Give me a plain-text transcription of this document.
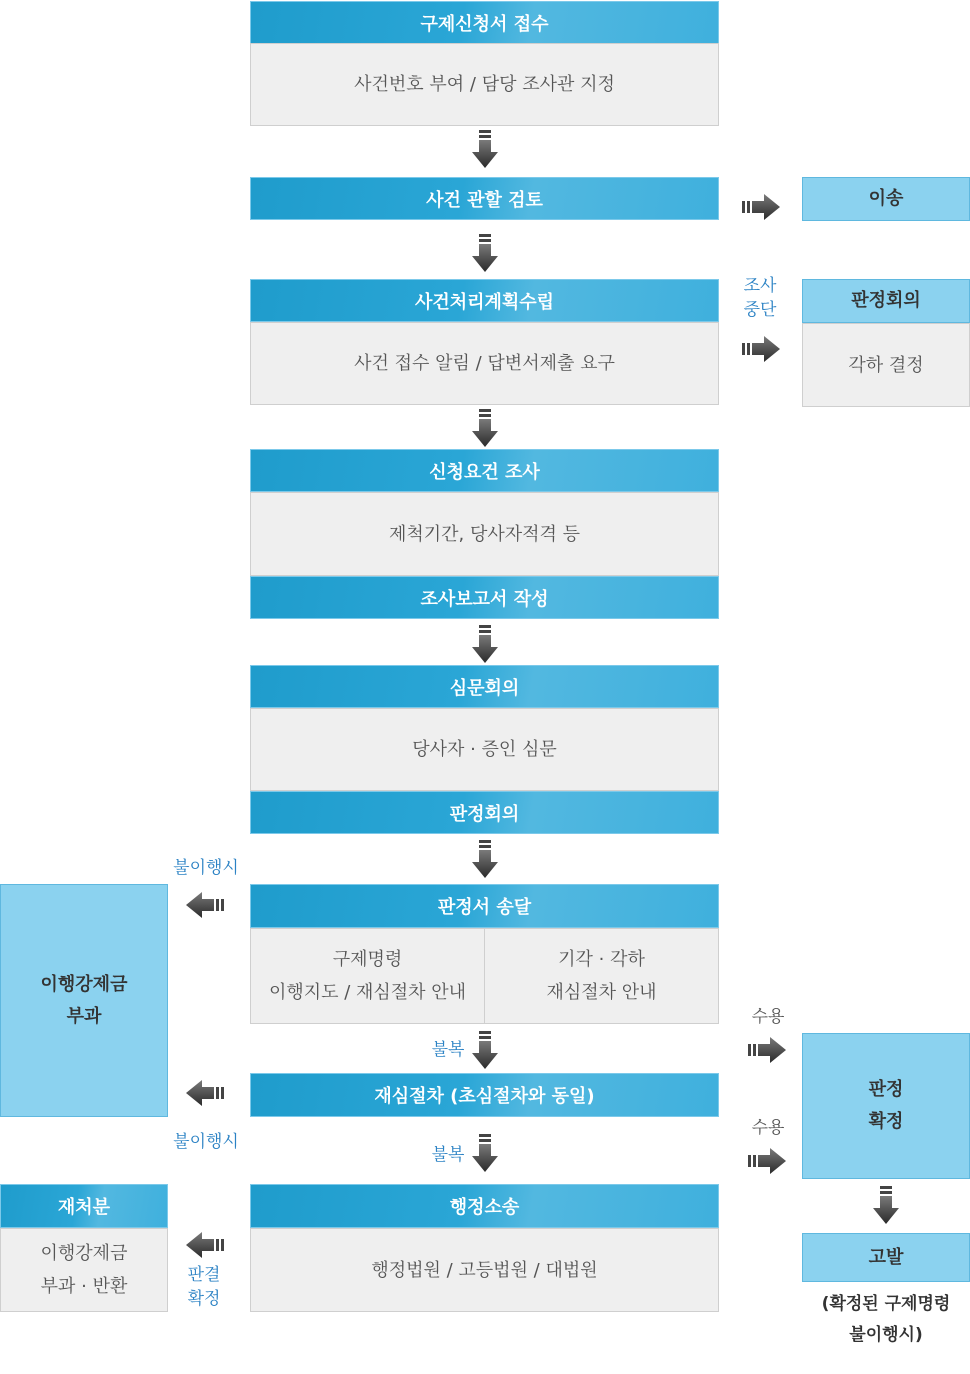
구제신청서 접수
사건번호 부여 / 담당 조사관 지정
사건 관할 검토
사건처리계획수립
사건 접수 알림 / 답변서제출 요구
신청요건 조사
제척기간, 당사자적격 등
조사보고서 작성
심문회의
당사자 · 증인 심문
판정회의
판정서 송달
구제명령
이행지도 / 재심절차 안내
기각 · 각하
재심절차 안내
재심절차 (초심절차와 동일)
행정소송
행정법원 / 고등법원 / 대법원
이송
조사
중단	판정회의
각하 결정
수용
수용
판정
확정
고발
(확정된 구제명령
불이행시)
불이행시
불이행시
이행강제금
부과
재처분
이행강제금
부과 · 반환
판결
확정
불복
불복
